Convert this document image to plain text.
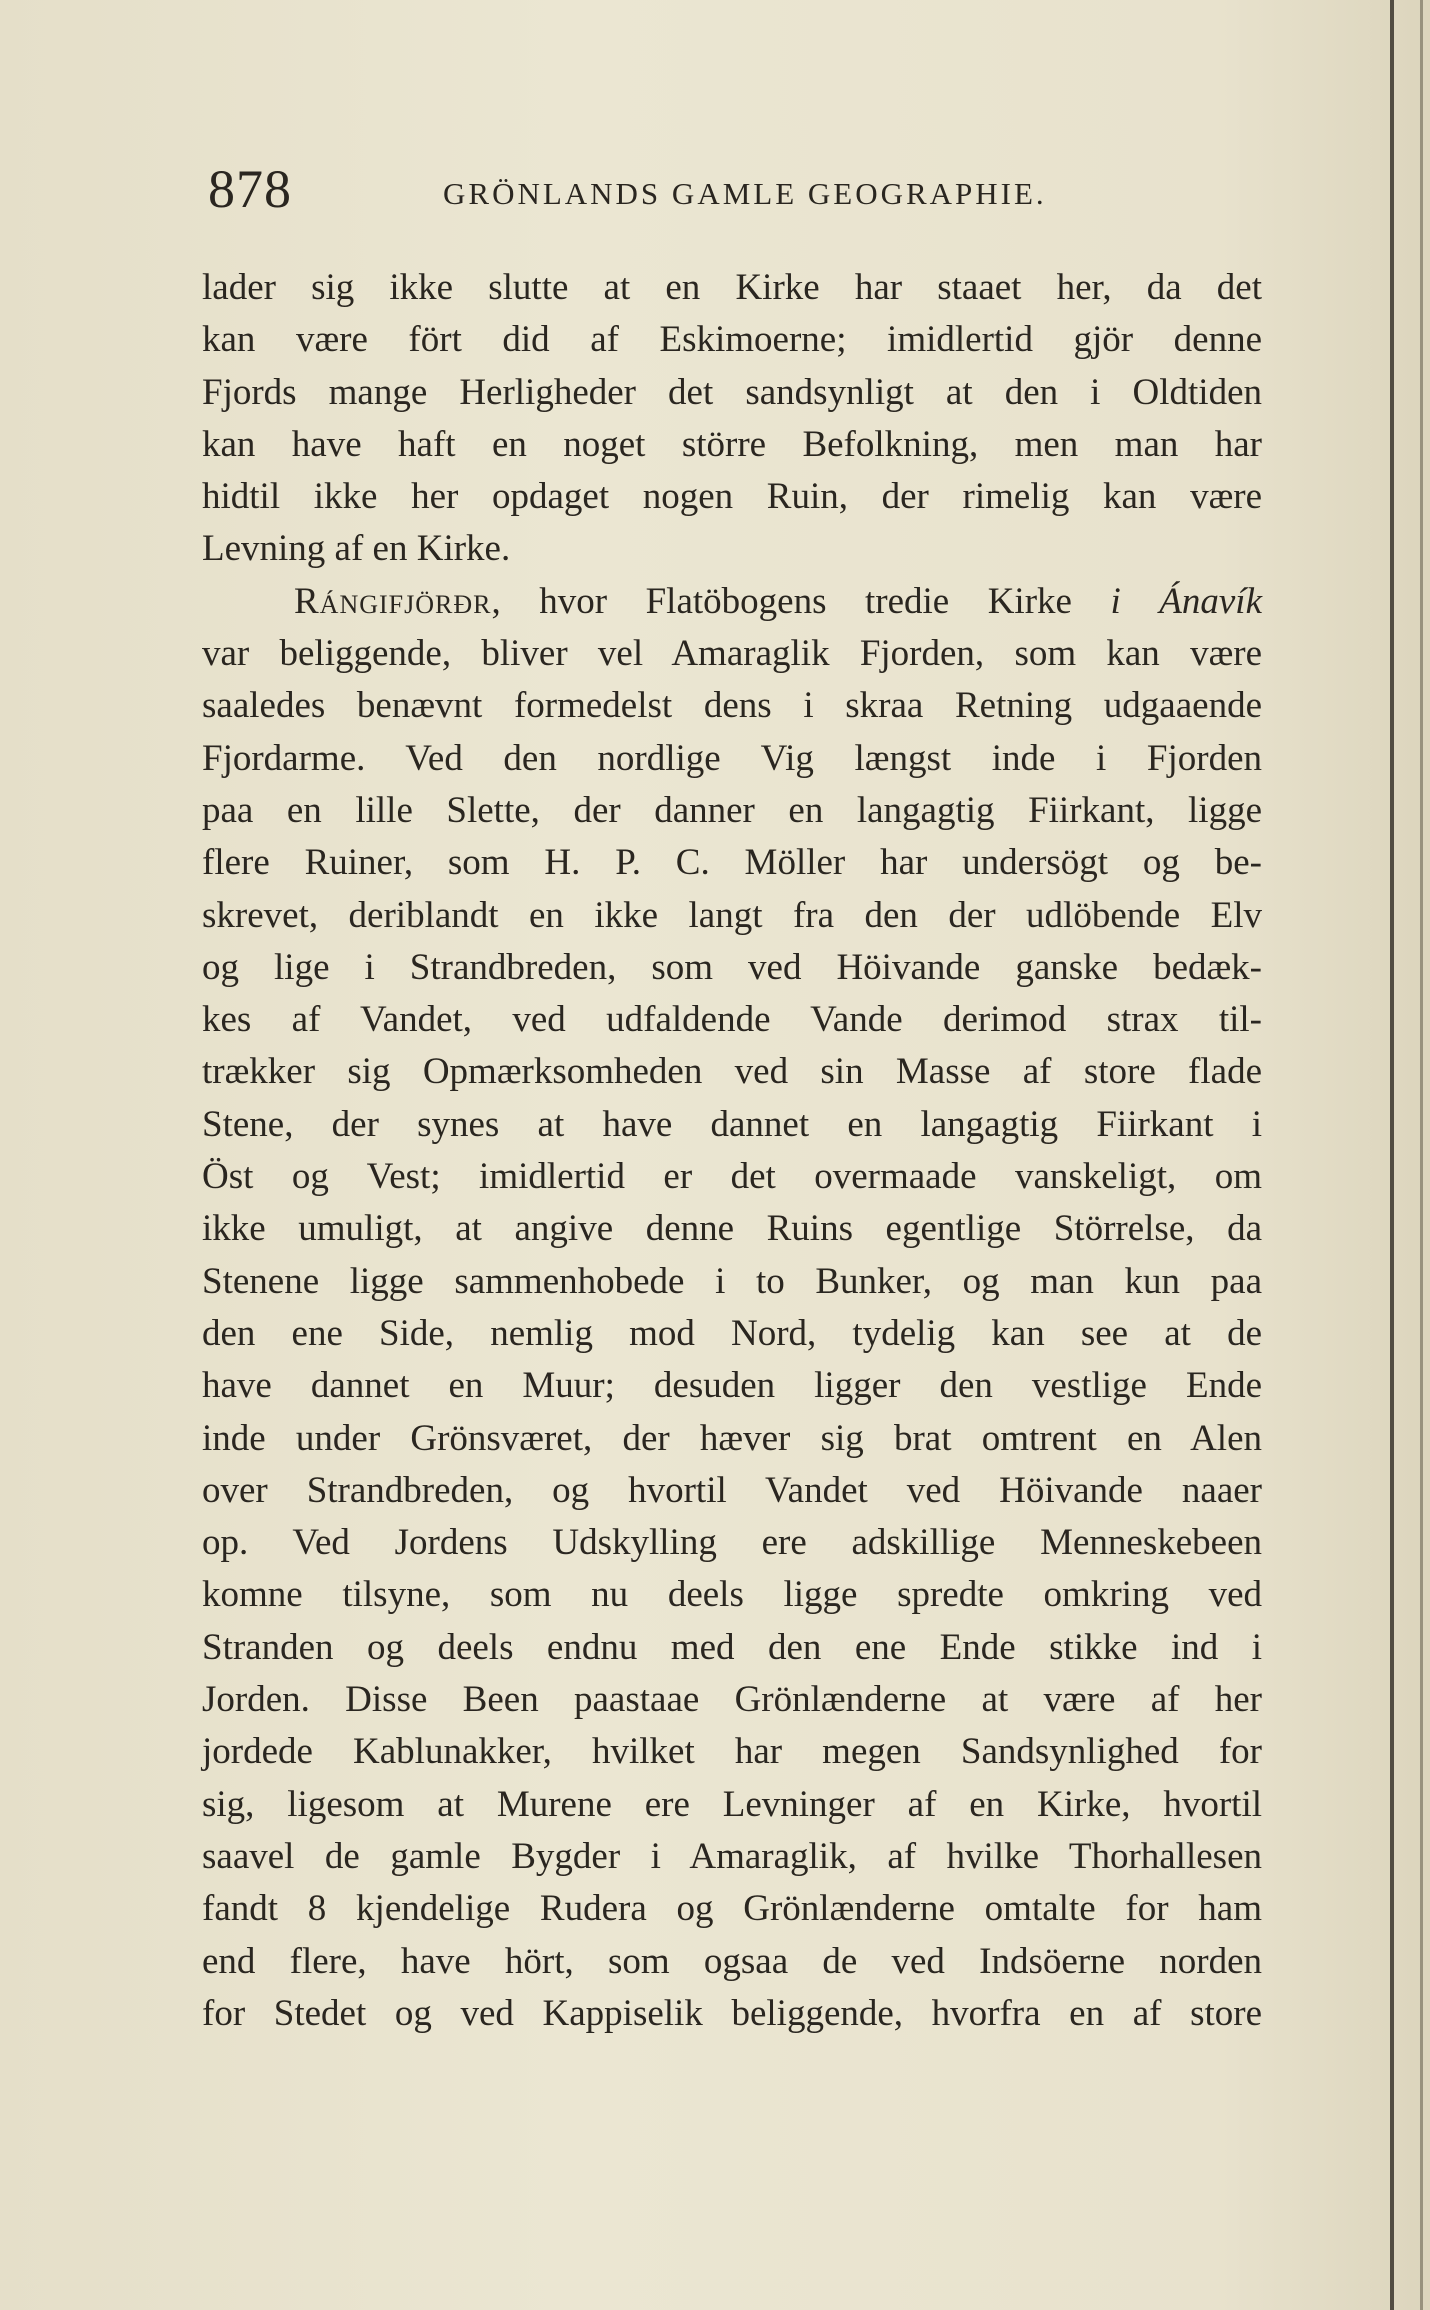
878	GRÖNLANDS GAMLE GEOGRAPHIE.
lader sig ikke slutte at en Kirke har staaet her, da det
kan være fört did af Eskimoerne; imidlertid gjör denne
Fjords mange Herligheder det sandsynligt at den i Oldtiden
kan have haft en noget större Befolkning, men man har
hidtil ikke her opdaget nogen Ruin, der rimelig kan være
Levning af en Kirke.
Rángifjörðr, hvor Flatöbogens tredie Kirke i Ánavík
var beliggende, bliver vel Amaraglik Fjorden, som kan være
saaledes benævnt formedelst dens i skraa Retning udgaaende
Fjordarme. Ved den nordlige Vig længst inde i Fjorden
paa en lille Slette, der danner en langagtig Fiirkant, ligge
flere Ruiner, som H. P. C. Möller har undersögt og be-
skrevet, deriblandt en ikke langt fra den der udlöbende Elv
og lige i Strandbreden, som ved Höivande ganske bedæk-
kes af Vandet, ved udfaldende Vande derimod strax til-
trækker sig Opmærksomheden ved sin Masse af store flade
Stene, der synes at have dannet en langagtig Fiirkant i
Öst og Vest; imidlertid er det overmaade vanskeligt, om
ikke umuligt, at angive denne Ruins egentlige Störrelse, da
Stenene ligge sammenhobede i to Bunker, og man kun paa
den ene Side, nemlig mod Nord, tydelig kan see at de
have dannet en Muur; desuden ligger den vestlige Ende
inde under Grönsværet, der hæver sig brat omtrent en Alen
over Strandbreden, og hvortil Vandet ved Höivande naaer
op. Ved Jordens Udskylling ere adskillige Menneskebeen
komne tilsyne, som nu deels ligge spredte omkring ved
Stranden og deels endnu med den ene Ende stikke ind i
Jorden. Disse Been paastaae Grönlænderne at være af her
jordede Kablunakker, hvilket har megen Sandsynlighed for
sig, ligesom at Murene ere Levninger af en Kirke, hvortil
saavel de gamle Bygder i Amaraglik, af hvilke Thorhallesen
fandt 8 kjendelige Rudera og Grönlænderne omtalte for ham
end flere, have hört, som ogsaa de ved Indsöerne norden
for Stedet og ved Kappiselik beliggende, hvorfra en af store
